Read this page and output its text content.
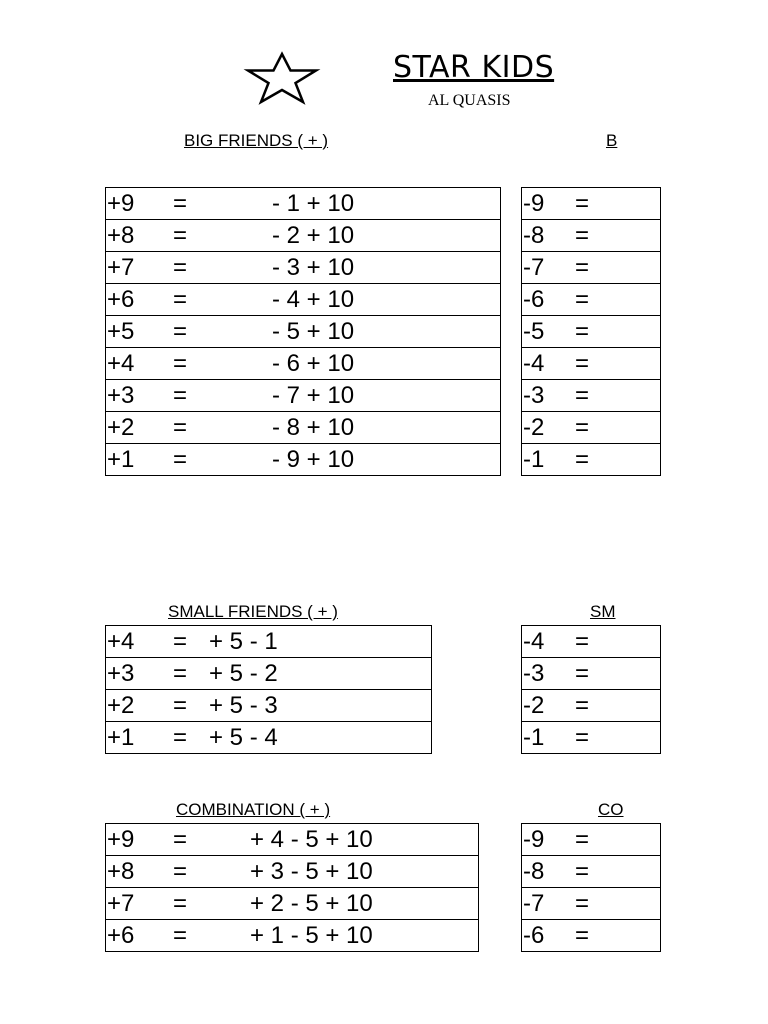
STAR KIDS
AL QUASIS
BIG FRIENDS ( + )
+9	=	- 1 + 10
+8	=	- 2 + 10
+7	=	- 3 + 10
+6	=	- 4 + 10
+5	=	- 5 + 10
+4	=	- 6 + 10
+3	=	- 7 + 10
+2	=	- 8 + 10
+1	=	- 9 + 10
B
-9	=	
-8	=	
-7	=	
-6	=	
-5	=	
-4	=	
-3	=	
-2	=	
-1	=	
SMALL FRIENDS ( + )
+4	=	+ 5 - 1
+3	=	+ 5 - 2
+2	=	+ 5 - 3
+1	=	+ 5 - 4
SM
-4	=	
-3	=	
-2	=	
-1	=	
COMBINATION ( + )
+9	=	+ 4 - 5 + 10
+8	=	+ 3 - 5 + 10
+7	=	+ 2 - 5 + 10
+6	=	+ 1 - 5 + 10
CO
-9	=	
-8	=	
-7	=	
-6	=	
